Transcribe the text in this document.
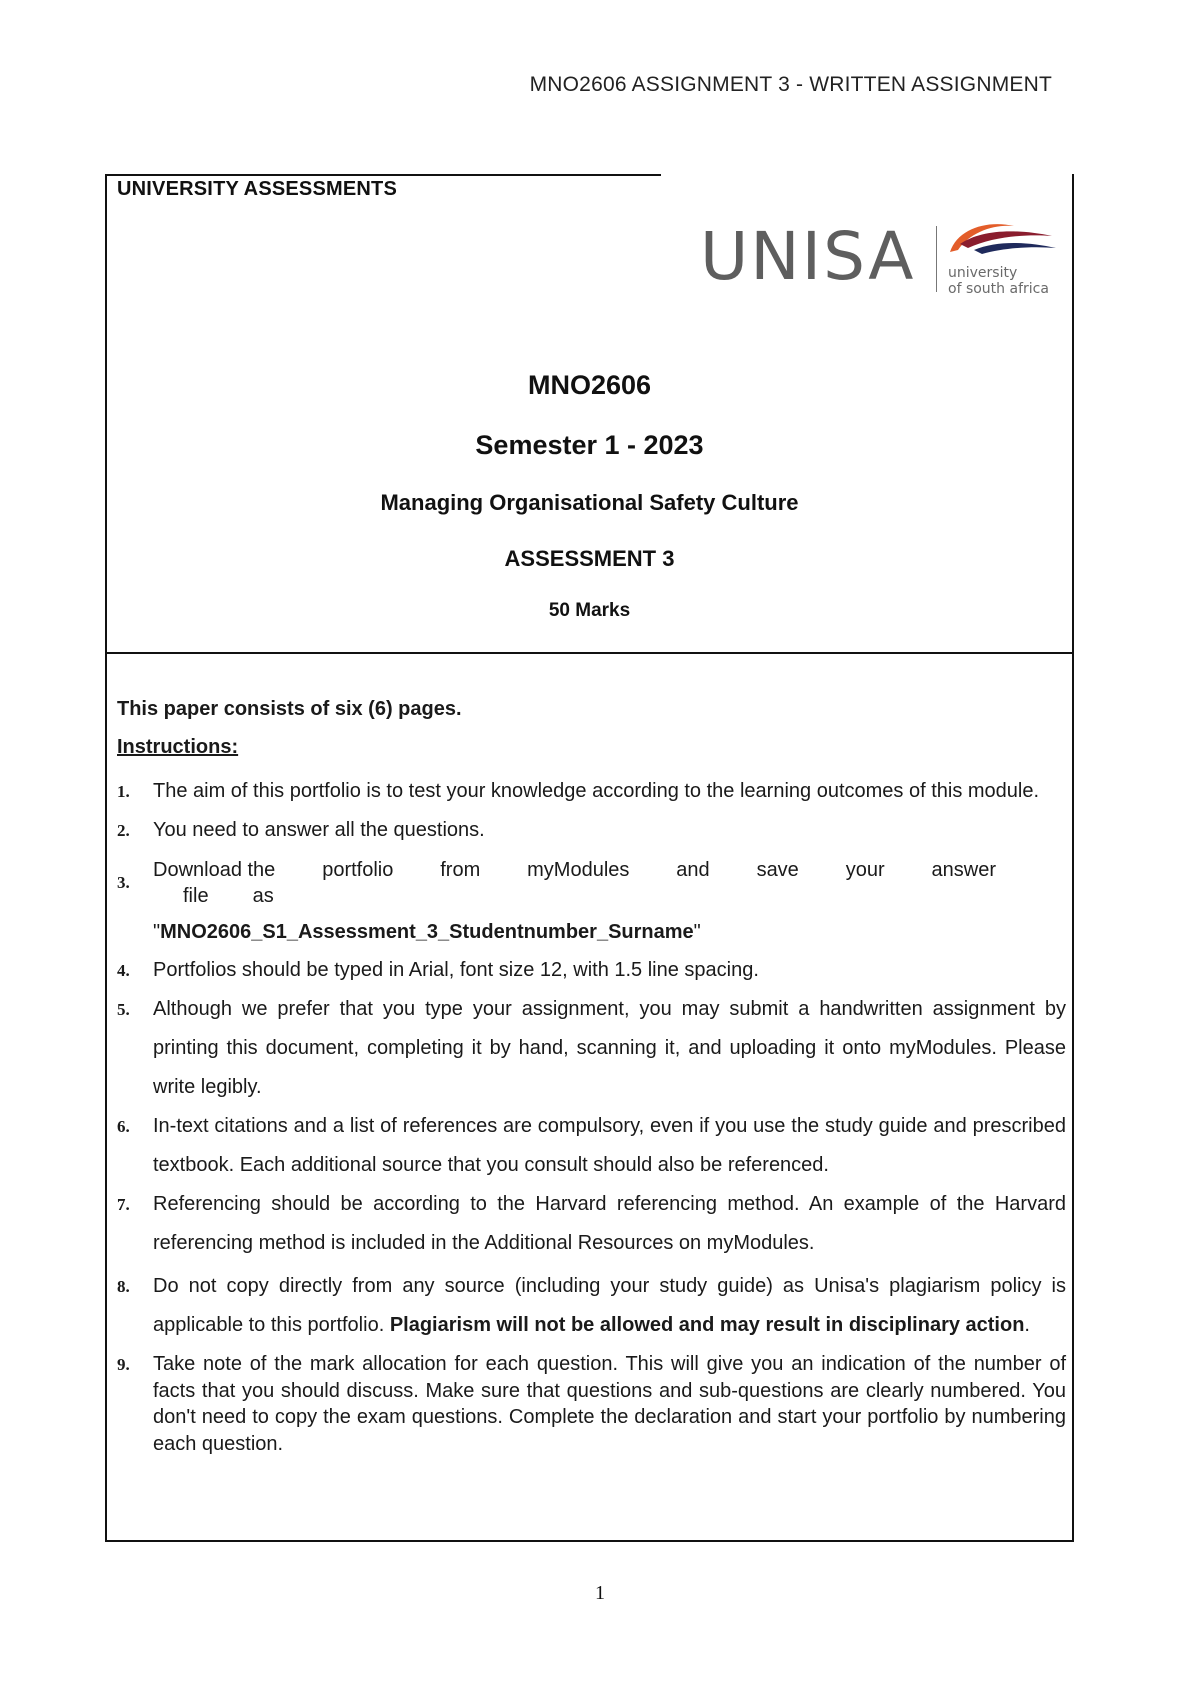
MNO2606 ASSIGNMENT 3 - WRITTEN ASSIGNMENT
UNIVERSITY ASSESSMENTS
UNISA university
of south africa
MNO2606
Semester 1 - 2023
Managing Organisational Safety Culture
ASSESSMENT 3
50 Marks
This paper consists of six (6) pages.
Instructions:
1. The aim of this portfolio is to test your knowledge according to the learning outcomes of this module.
2. You need to answer all the questions.
3.
Download the portfolio from myModules and save your answer
file as
"MNO2606_S1_Assessment_3_Studentnumber_Surname"
4. Portfolios should be typed in Arial, font size 12, with 1.5 line spacing.
5. Although we prefer that you type your assignment, you may submit a handwritten assignment by printing this document, completing it by hand, scanning it, and uploading it onto myModules. Please write legibly.
6. In-text citations and a list of references are compulsory, even if you use the study guide and prescribed textbook. Each additional source that you consult should also be referenced.
7. Referencing should be according to the Harvard referencing method. An example of the Harvard referencing method is included in the Additional Resources on myModules.
8. Do not copy directly from any source (including your study guide) as Unisa's plagiarism policy is applicable to this portfolio. Plagiarism will not be allowed and may result in disciplinary action.
9. Take note of the mark allocation for each question. This will give you an indication of the number of facts that you should discuss. Make sure that questions and sub-questions are clearly numbered. You don't need to copy the exam questions. Complete the declaration and start your portfolio by numbering each question.
1
